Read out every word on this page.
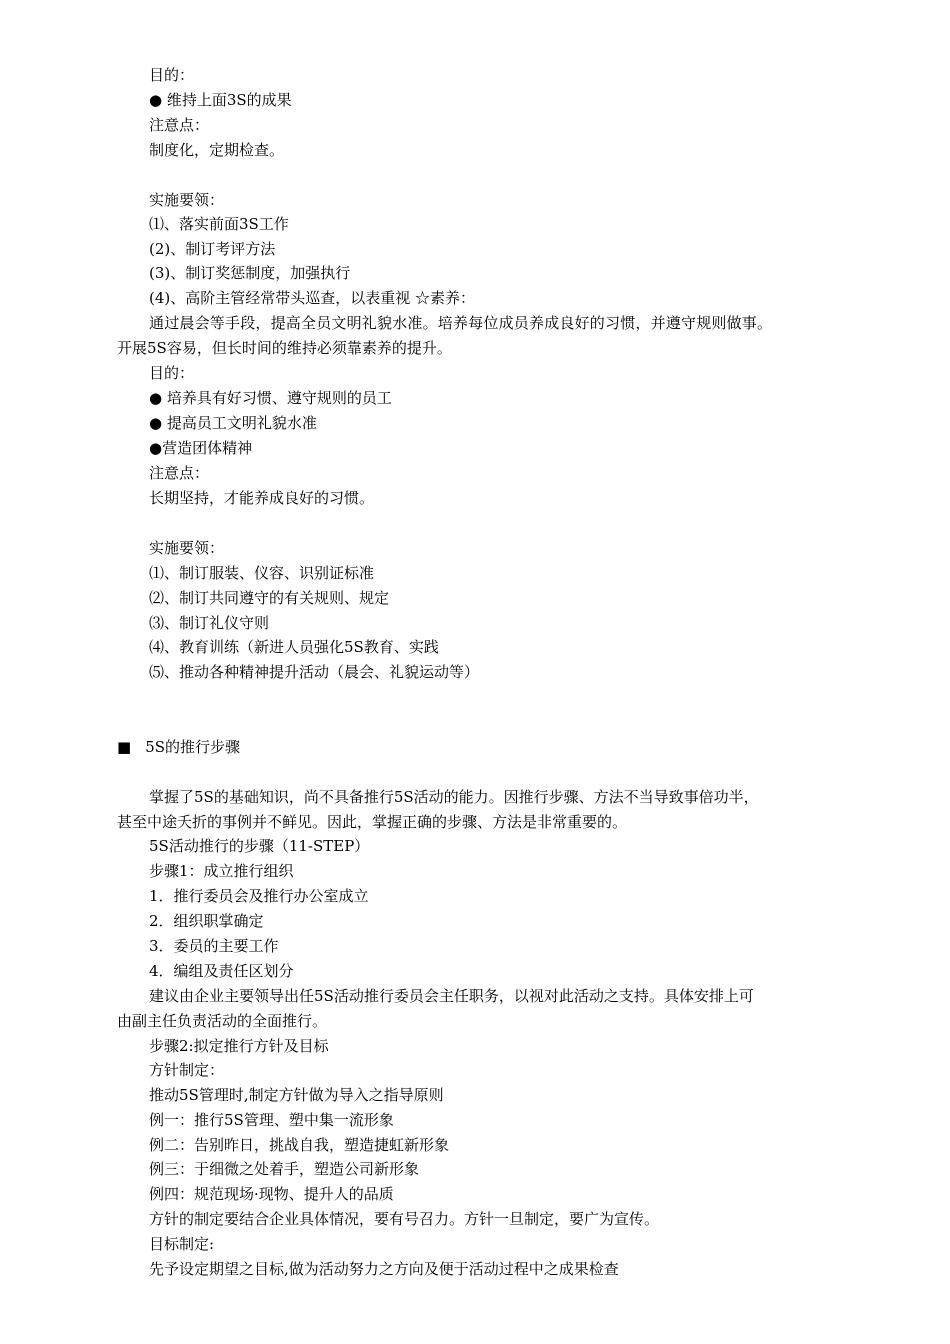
目的：
● 维持上面3S的成果
注意点：
制度化，定期检查。
实施要领：
⑴、落实前面3S工作
(2)、制订考评方法
(3)、制订奖惩制度，加强执行
(4)、高阶主管经常带头巡查，以表重视 ☆素养：
通过晨会等手段，提高全员文明礼貌水准。培养每位成员养成良好的习惯，并遵守规则做事。
开展5S容易，但长时间的维持必须靠素养的提升。
目的：
● 培养具有好习惯、遵守规则的员工
● 提高员工文明礼貌水准
●营造团体精神
注意点：
长期坚持，才能养成良好的习惯。
实施要领：
⑴、制订服装、仪容、识别证标准
⑵、制订共同遵守的有关规则、规定
⑶、制订礼仪守则
⑷、教育训练（新进人员强化5S教育、实践
⑸、推动各种精神提升活动（晨会、礼貌运动等）
■ 5S的推行步骤
掌握了5S的基础知识，尚不具备推行5S活动的能力。因推行步骤、方法不当导致事倍功半，
甚至中途夭折的事例并不鲜见。因此，掌握正确的步骤、方法是非常重要的。
5S活动推行的步骤（11-STEP）
步骤1：成立推行组织
1．推行委员会及推行办公室成立
2．组织职掌确定
3．委员的主要工作
4．编组及责任区划分
建议由企业主要领导出任5S活动推行委员会主任职务，以视对此活动之支持。具体安排上可
由副主任负责活动的全面推行。
步骤2:拟定推行方针及目标
方针制定：
推动5S管理时,制定方针做为导入之指导原则
例一：推行5S管理、塑中集一流形象
例二：告别昨日，挑战自我，塑造捷虹新形象
例三：于细微之处着手，塑造公司新形象
例四：规范现场·现物、提升人的品质
方针的制定要结合企业具体情况，要有号召力。方针一旦制定，要广为宣传。
目标制定:
先予设定期望之目标,做为活动努力之方向及便于活动过程中之成果检查
